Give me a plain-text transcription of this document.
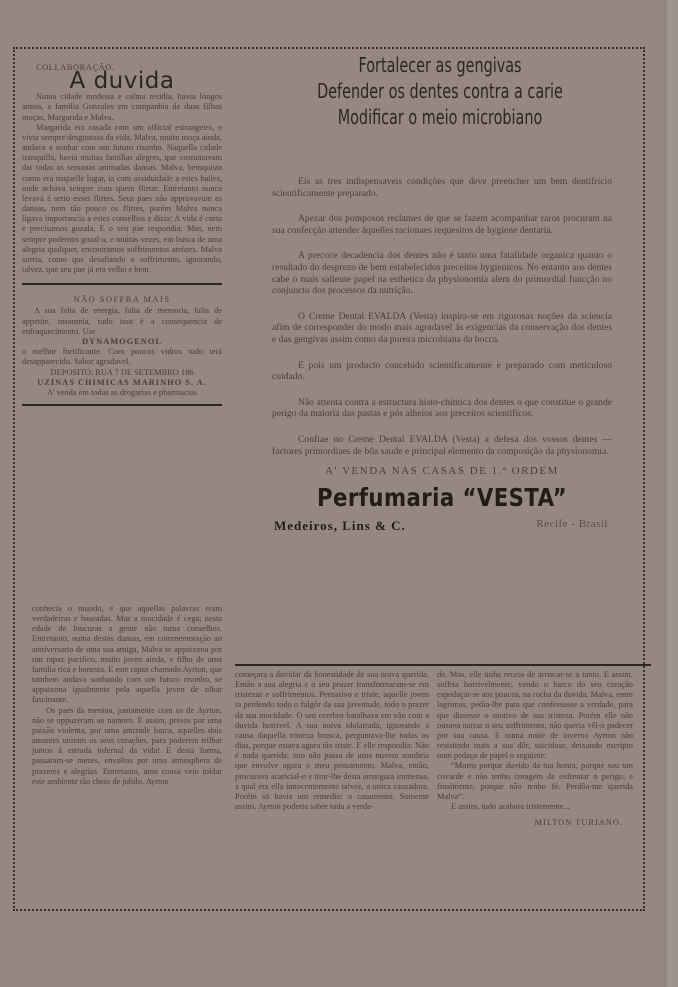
COLLABORAÇÃO.
A duvida

Numa cidade modesta e calma residia, havia longos annos, a familia Gonzales em companhia de duas filhas moças, Margarida e Malva.

Margarida era casada com um official estrangeiro, e vivia sempre desgostosa da vida. Malva, muito moça ainda, andava a sonhar com um futuro risonho. Naquella cidade tranquilla, havia muitas familias alegres, que costumavam dar todas as semanas animadas dansas. Malva, bemquista como era naquelle logar, ia com assiduidade a estes bailes, onde achava sempre com quem flirtar. Entretanto nunca levava á serio esses flirtes. Seus paes não approvavam as dansas, nem tão pouco os flirtes, porém Malva nunca ligava importancia a estes conselhos e dizia: A vida é curta e precisamos gozala. E o seu pae respondia: Mas, nem sempre podemos gozal-a, e muitas vezes, em busca de uma alegria qualquer, encontramos soffrimentos atrózes. Malva sorria, como que desafiando o soffrimento, ignorando, talvez, que seu pae já era velho e bem

NÃO SOFFRA MAIS
A sua falta de energia, falta de memoria, falta de appetite, insomnia, tudo isso é a consequencia de enfraquecimento. Use
DYNAMOGENOL
o melhor fortificante. Com poucos vidros tudo terá desapparecido. Sabor agradavel.
DEPOSITO: RUA 7 DE SETEMBRO 186
UZINAS CHIMICAS MARINHO S. A.
A' venda em todas as drogarias e pharmacias

conhecia o mundo, e que aquellas palavras eram verdadeiras e baseadas. Mas a mocidade é cega; nesta edade de loucuras a gente não toma conselhos. Entretanto, numa destas dansas, em commemoração ao anniversario de uma sua amiga, Malva se appaixona por um rapaz pacifico, muito joven ainda, e filho de uma familia rica e honesta. E este rapaz chamado Ayrton, que tambem andava sonhando com um futuro risonho, se appaixona igualmente pela aquella joven de olhar fascinante.

Os paes da menina, juntamente com os de Ayrton, não se oppuzeram ao namoro. E assim, presos por uma paixão violenta, por uma amizade louca, aquelles dois amantes uniram os seus corações, para poderem trilhar juntos á estrada infernal da vida! E desta forma, passaram-se mezes, envoltos por uma atmosphera de prazeres e alegrias. Entretanto, uma cousa veio toldar este ambiente tão cheio de jubilo. Ayrton

Fortalecer as gengivas
Defender os dentes contra a carie
Modificar o meio microbiano

Eis as tres indispensaveis condições que deve preencher um bem dentifricio scientificamente preparado.

Apezar dos pomposos reclames de que se fazem acompanhar raros procuram na sua confecção attender áquelles racionaes requesitos de hygiene dentaria.

A precoce decadencia dos dentes não é tanto uma fatalidade organica quanto o resultado do desprezo de bem estabelecidos preceitos hygienicos. No entanto aos dentes cabe o mais saliente papel na esthetica da physionomia alem do primordial funcção no conjuncto dos processos da nutrição.

O Creme Dental EVALDA (Vesta) inspira-se em rigorosas noções da sciencia afim de corresponder do modo mais agradavel ás exigencias da conservação dos dentes e das gengivas assim como da pureza microbiana da bocca.

E pois um producto concebido scientificamente e preparado com meticuloso cuidado.

Não attenta contra a estructura histo-chimica dos dentes o que constitue o grande perigo da maioria das pastas e pós alheios aos preceitos scientificos.

Confiae no Creme Dental EVALDA (Vesta) a defesa dos vossos dentes — factores primordiaes de bôa saude e principal elemento da composição da physionomia.

A' VENDA NAS CASAS DE 1.ª ORDEM
Perfumaria “VESTA”
Medeiros, Lins & C.	Recife - Brasil

começara a duvidar da honestidade de sua noiva querida. Então a sua alegria e o seu prazer transformaram-se em tristezas e soffrimentos. Pensativo e triste, aquelle joven ia perdendo todo o fulgôr da sua juventude, todo o prazer da sua mocidade. O seu cerebro batalhava em vão com a duvida horrivel. A sua noiva idolatrada, ignorando a causa daquella tristeza brusca, perguntava-lhe todos os dias, porque estava agora tão triste. E elle respondia: Não é nada querida; isto não passa de uma nuvem sombria que envolve agora o meu pensamento. Malva, então, procurava acaricial-o e tirar-lhe desta amargura immensa, a qual era ella innocentemente talvez, a unica causadora. Porém só havia um remedio: o casamento. Somente assim, Ayrton poderia saber toda a verda-

de. Mas, elle tinha receio de arriscar-se a tanto. E assim, soffria horrivelmente, vendo o barco do seu coração espedaçar-se aos poucos, na rocha da duvida. Malva, entre lagrimas, pedia-lhe para que confessasse a verdade, para que dissesse o motivo de sua tristeza. Porém elle não ousava narrar o seu soffrimento; não queria vêl-o padecer por sua causa. E numa noite de inverno Ayrton não resistindo mais a sua dôr, suicidase, deixando escripto num pedaço de papel o seguinte:

“Morro porque duvido da tua honra, porque sou um covarde e não tenho coragem de enfrentar o perigo, e finalmente, porque não tenho fé. Perdôa-me querida Malva”.

E assim, tudo acabara tristemente...

MILTON TURIANO.
